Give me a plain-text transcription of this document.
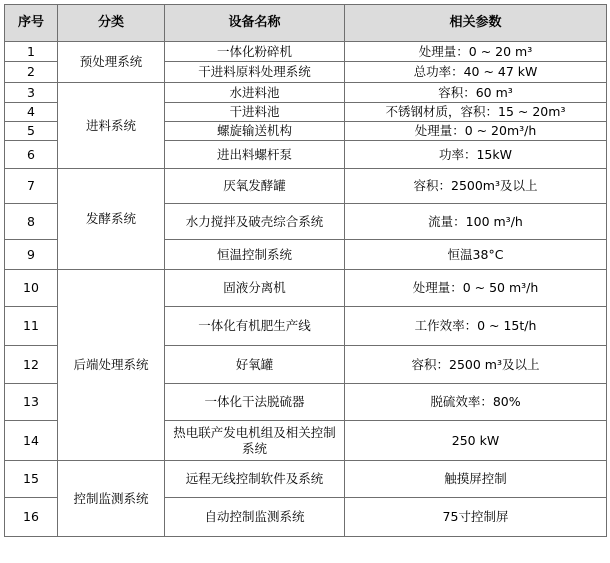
序号	分类	设备名称	相关参数
1	预处理系统	一体化粉碎机	处理量：0 ~ 20 m³
2		干进料原料处理系统	总功率：40 ~ 47 kW
3	进料系统	水进料池	容积：60 m³
4		干进料池	不锈钢材质，容积：15 ~ 20m³
5		螺旋输送机构	处理量：0 ~ 20m³/h
6		进出料螺杆泵	功率：15kW
7	发酵系统	厌氧发酵罐	容积：2500m³及以上
8		水力搅拌及破壳综合系统	流量：100 m³/h
9		恒温控制系统	恒温38°C
10	后端处理系统	固液分离机	处理量：0 ~ 50 m³/h
11		一体化有机肥生产线	工作效率：0 ~ 15t/h
12		好氧罐	容积：2500 m³及以上
13		一体化干法脱硫器	脱硫效率：80%
14		热电联产发电机组及相关控制系统	250 kW
15	控制监测系统	远程无线控制软件及系统	触摸屏控制
16		自动控制监测系统	75寸控制屏
